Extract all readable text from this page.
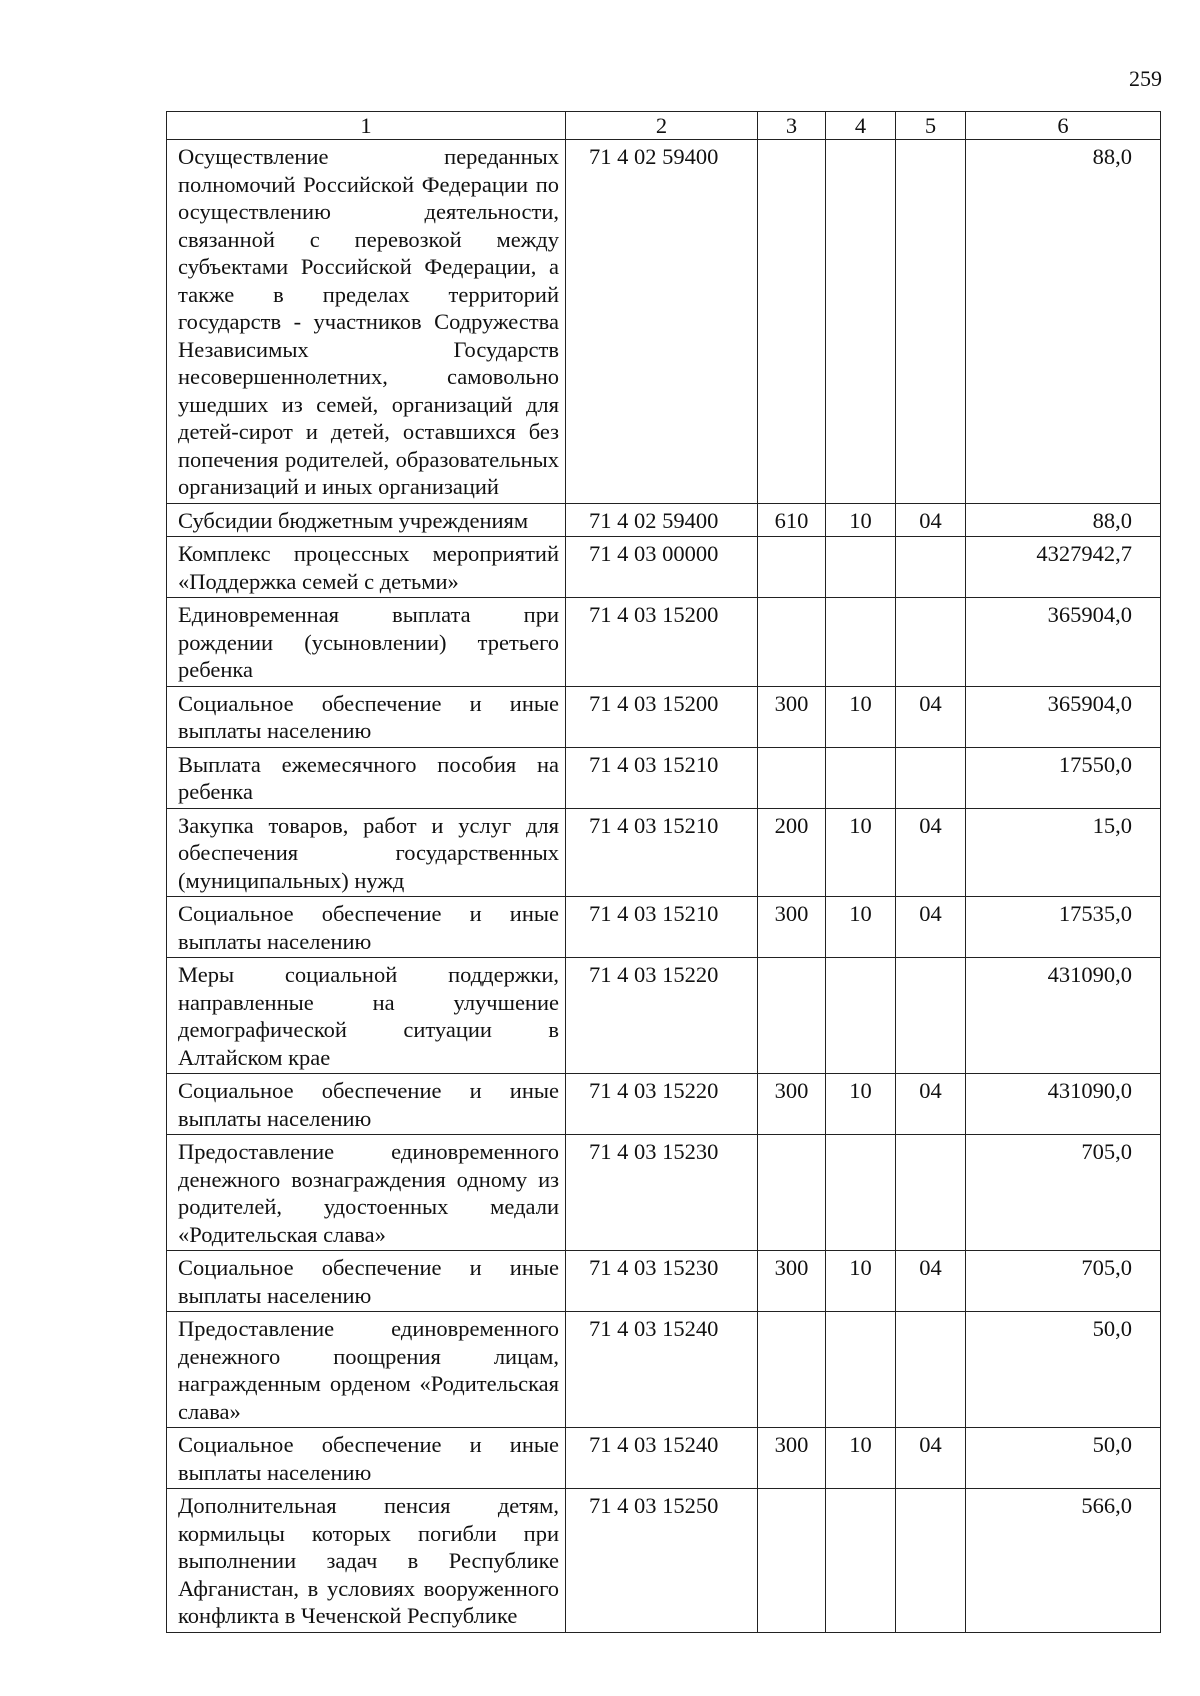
259
1	2	3	4	5	6
Осуществление переданных полномочий Российской Федерации по осуществлению деятельности, связанной с перевозкой между субъектами Российской Федерации, а также в пределах территорий государств - участников Содружества Независимых Государств несовершеннолетних, самовольно ушедших из семей, организаций для детей-сирот и детей, оставшихся без попечения родителей, образовательных организаций и иных организаций	71 4 02 59400				88,0
Субсидии бюджетным учреждениям	71 4 02 59400	610	10	04	88,0
Комплекс процессных мероприятий «Поддержка семей с детьми»	71 4 03 00000				4327942,7
Единовременная выплата при рождении (усыновлении) третьего ребенка	71 4 03 15200				365904,0
Социальное обеспечение и иные выплаты населению	71 4 03 15200	300	10	04	365904,0
Выплата ежемесячного пособия на ребенка	71 4 03 15210				17550,0
Закупка товаров, работ и услуг для обеспечения государственных (муниципальных) нужд	71 4 03 15210	200	10	04	15,0
Социальное обеспечение и иные выплаты населению	71 4 03 15210	300	10	04	17535,0
Меры социальной поддержки, направленные на улучшение демографической ситуации в Алтайском крае	71 4 03 15220				431090,0
Социальное обеспечение и иные выплаты населению	71 4 03 15220	300	10	04	431090,0
Предоставление единовременного денежного вознаграждения одному из родителей, удостоенных медали «Родительская слава»	71 4 03 15230				705,0
Социальное обеспечение и иные выплаты населению	71 4 03 15230	300	10	04	705,0
Предоставление единовременного денежного поощрения лицам, награжденным орденом «Родительская слава»	71 4 03 15240				50,0
Социальное обеспечение и иные выплаты населению	71 4 03 15240	300	10	04	50,0
Дополнительная пенсия детям, кормильцы которых погибли при выполнении задач в Республике Афганистан, в условиях вооруженного конфликта в Чеченской Республике	71 4 03 15250				566,0
